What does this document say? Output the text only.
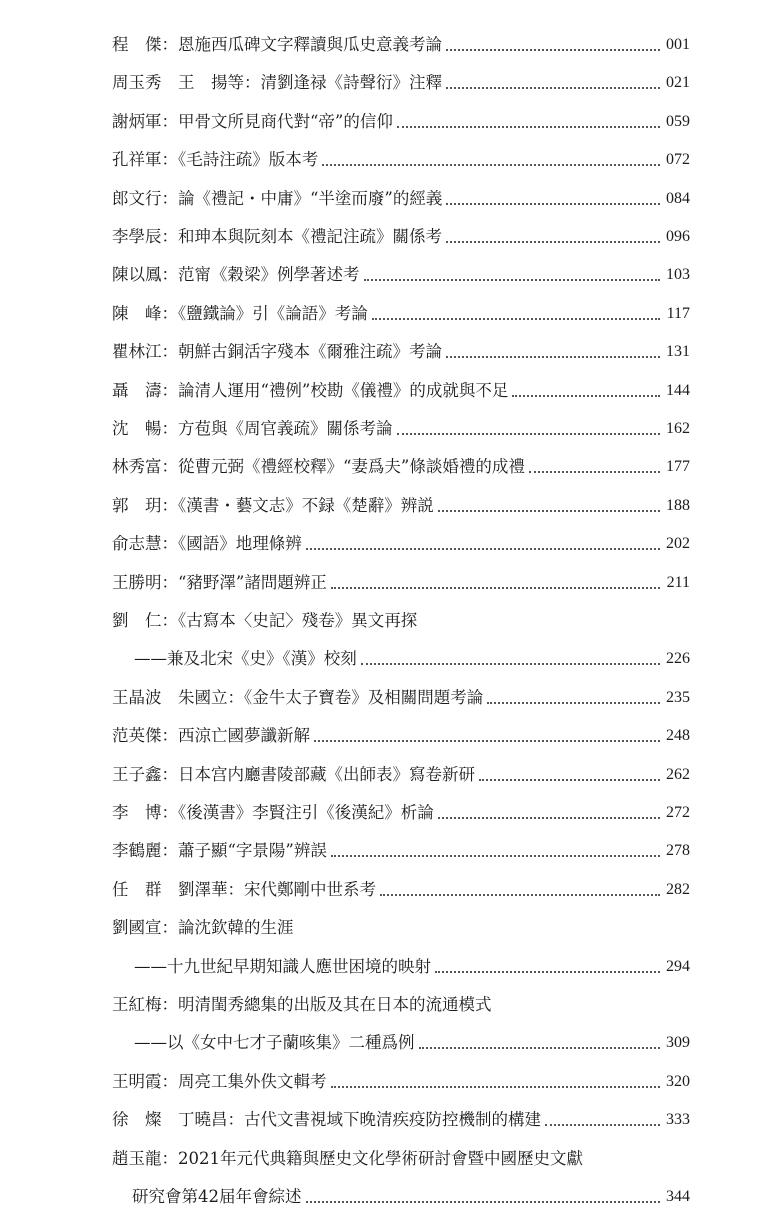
程　傑：恩施西瓜碑文字釋讀與瓜史意義考論	001
周玉秀　王　揚等：清劉逢禄《詩聲衍》注釋	021
謝炳軍：甲骨文所見商代對“帝”的信仰	059
孔祥軍：《毛詩注疏》版本考	072
郎文行：論《禮記・中庸》“半塗而廢”的經義	084
李學辰：和珅本與阮刻本《禮記注疏》關係考	096
陳以鳳：范甯《穀梁》例學著述考	103
陳　峰：《鹽鐵論》引《論語》考論	117
瞿林江：朝鮮古銅活字殘本《爾雅注疏》考論	131
聶　濤：論清人運用“禮例”校勘《儀禮》的成就與不足	144
沈　暢：方苞與《周官義疏》關係考論	162
林秀富：從曹元弼《禮經校釋》“妻爲夫”條談婚禮的成禮	177
郭　玥：《漢書・藝文志》不録《楚辭》辨説	188
俞志慧：《國語》地理條辨	202
王勝明：“豬野澤”諸問題辨正	211
劉　仁：《古寫本〈史記〉殘卷》異文再探
——兼及北宋《史》《漢》校刻	226
王晶波　朱國立：《金牛太子寶卷》及相關問題考論	235
范英傑：西涼亡國夢讖新解	248
王子鑫：日本宫内廳書陵部藏《出師表》寫卷新研	262
李　博：《後漢書》李賢注引《後漢紀》析論	272
李鶴麗：蕭子顯“字景陽”辨誤	278
任　群　劉澤華：宋代鄭剛中世系考	282
劉國宣：論沈欽韓的生涯
——十九世紀早期知識人應世困境的映射	294
王紅梅：明清閨秀總集的出版及其在日本的流通模式
——以《女中七才子蘭咳集》二種爲例	309
王明霞：周亮工集外佚文輯考	320
徐　燦　丁曉昌：古代文書視域下晚清疾疫防控機制的構建	333
趙玉龍：2021年元代典籍與歷史文化學術研討會暨中國歷史文獻
研究會第42届年會綜述	344
